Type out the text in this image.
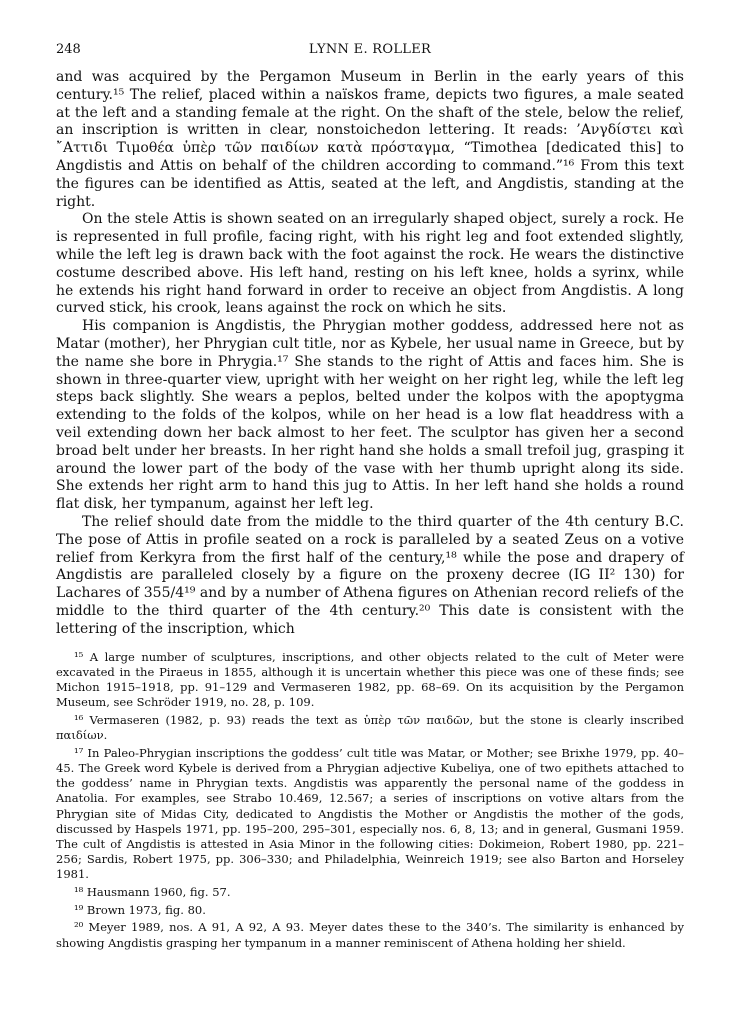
248	LYNN E. ROLLER

and was acquired by the Pergamon Museum in Berlin in the early years of this century.¹⁵ The relief, placed within a naïskos frame, depicts two figures, a male seated at the left and a standing female at the right. On the shaft of the stele, below the relief, an inscription is written in clear, nonstoichedon lettering. It reads: ’Ανγδίστει καὶ ῎Αττιδι Τιμοθέα ὑπὲρ τῶν παιδίων κατὰ πρόσταγμα, “Timothea [dedicated this] to Angdistis and Attis on behalf of the children according to command.”¹⁶ From this text the figures can be identified as Attis, seated at the left, and Angdistis, standing at the right.

On the stele Attis is shown seated on an irregularly shaped object, surely a rock. He is represented in full profile, facing right, with his right leg and foot extended slightly, while the left leg is drawn back with the foot against the rock. He wears the distinctive costume described above. His left hand, resting on his left knee, holds a syrinx, while he extends his right hand forward in order to receive an object from Angdistis. A long curved stick, his crook, leans against the rock on which he sits.

His companion is Angdistis, the Phrygian mother goddess, addressed here not as Matar (mother), her Phrygian cult title, nor as Kybele, her usual name in Greece, but by the name she bore in Phrygia.¹⁷ She stands to the right of Attis and faces him. She is shown in three-quarter view, upright with her weight on her right leg, while the left leg steps back slightly. She wears a peplos, belted under the kolpos with the apoptygma extending to the folds of the kolpos, while on her head is a low flat headdress with a veil extending down her back almost to her feet. The sculptor has given her a second broad belt under her breasts. In her right hand she holds a small trefoil jug, grasping it around the lower part of the body of the vase with her thumb upright along its side. She extends her right arm to hand this jug to Attis. In her left hand she holds a round flat disk, her tympanum, against her left leg.

The relief should date from the middle to the third quarter of the 4th century B.C. The pose of Attis in profile seated on a rock is paralleled by a seated Zeus on a votive relief from Kerkyra from the first half of the century,¹⁸ while the pose and drapery of Angdistis are paralleled closely by a figure on the proxeny decree (IG II² 130) for Lachares of 355/4¹⁹ and by a number of Athena figures on Athenian record reliefs of the middle to the third quarter of the 4th century.²⁰ This date is consistent with the lettering of the inscription, which

¹⁵ A large number of sculptures, inscriptions, and other objects related to the cult of Meter were excavated in the Piraeus in 1855, although it is uncertain whether this piece was one of these finds; see Michon 1915–1918, pp. 91–129 and Vermaseren 1982, pp. 68–69. On its acquisition by the Pergamon Museum, see Schröder 1919, no. 28, p. 109.

¹⁶ Vermaseren (1982, p. 93) reads the text as ὑπὲρ τῶν παιδῶν, but the stone is clearly inscribed παιδίων.

¹⁷ In Paleo-Phrygian inscriptions the goddess’ cult title was Matar, or Mother; see Brixhe 1979, pp. 40–45. The Greek word Kybele is derived from a Phrygian adjective Kubeliya, one of two epithets attached to the goddess’ name in Phrygian texts. Angdistis was apparently the personal name of the goddess in Anatolia. For examples, see Strabo 10.469, 12.567; a series of inscriptions on votive altars from the Phrygian site of Midas City, dedicated to Angdistis the Mother or Angdistis the mother of the gods, discussed by Haspels 1971, pp. 195–200, 295–301, especially nos. 6, 8, 13; and in general, Gusmani 1959. The cult of Angdistis is attested in Asia Minor in the following cities: Dokimeion, Robert 1980, pp. 221–256; Sardis, Robert 1975, pp. 306–330; and Philadelphia, Weinreich 1919; see also Barton and Horseley 1981.

¹⁸ Hausmann 1960, fig. 57.

¹⁹ Brown 1973, fig. 80.

²⁰ Meyer 1989, nos. A 91, A 92, A 93. Meyer dates these to the 340’s. The similarity is enhanced by showing Angdistis grasping her tympanum in a manner reminiscent of Athena holding her shield.
